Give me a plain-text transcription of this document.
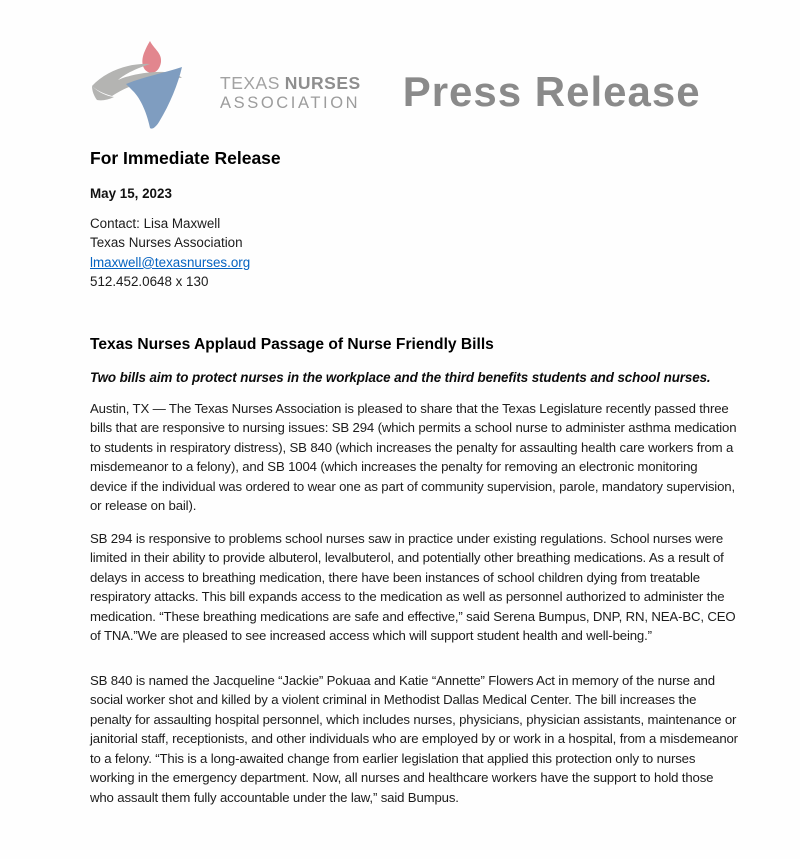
TEXAS NURSES
ASSOCIATION Press Release
For Immediate Release
May 15, 2023
Contact: Lisa Maxwell
Texas Nurses Association
lmaxwell@texasnurses.org
512.452.0648 x 130
Texas Nurses Applaud Passage of Nurse Friendly Bills
Two bills aim to protect nurses in the workplace and the third benefits students and school nurses.

Austin, TX — The Texas Nurses Association is pleased to share that the Texas Legislature recently passed three bills that are responsive to nursing issues: SB 294 (which permits a school nurse to administer asthma medication to students in respiratory distress), SB 840 (which increases the penalty for assaulting health care workers from a misdemeanor to a felony), and SB 1004 (which increases the penalty for removing an electronic monitoring device if the individual was ordered to wear one as part of community supervision, parole, mandatory supervision, or release on bail).

SB 294 is responsive to problems school nurses saw in practice under existing regulations. School nurses were limited in their ability to provide albuterol, levalbuterol, and potentially other breathing medications. As a result of delays in access to breathing medication, there have been instances of school children dying from treatable respiratory attacks. This bill expands access to the medication as well as personnel authorized to administer the medication. “These breathing medications are safe and effective,” said Serena Bumpus, DNP, RN, NEA-BC, CEO of TNA.”We are pleased to see increased access which will support student health and well-being.”

SB 840 is named the Jacqueline “Jackie” Pokuaa and Katie “Annette” Flowers Act in memory of the nurse and social worker shot and killed by a violent criminal in Methodist Dallas Medical Center. The bill increases the penalty for assaulting hospital personnel, which includes nurses, physicians, physician assistants, maintenance or janitorial staff, receptionists, and other individuals who are employed by or work in a hospital, from a misdemeanor to a felony. “This is a long-awaited change from earlier legislation that applied this protection only to nurses working in the emergency department. Now, all nurses and healthcare workers have the support to hold those who assault them fully accountable under the law,” said Bumpus.
